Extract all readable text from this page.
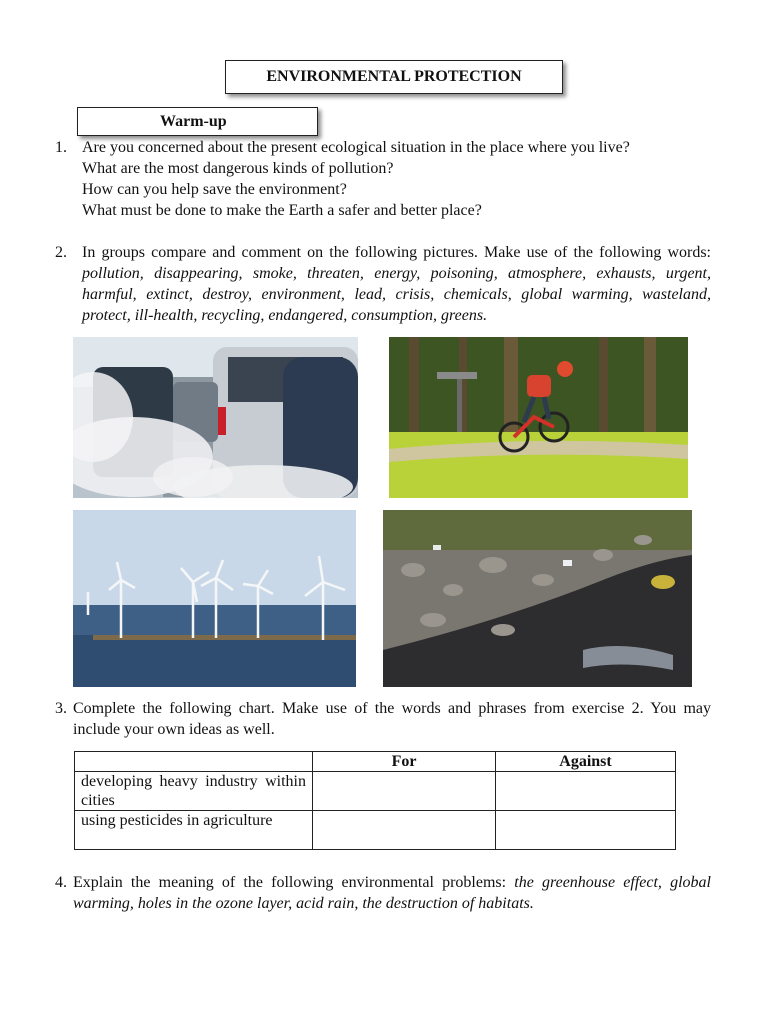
ENVIRONMENTAL PROTECTION
Warm-up
1. Are you concerned about the present ecological situation in the place where you live?
What are the most dangerous kinds of pollution?
How can you help save the environment?
What must be done to make the Earth a safer and better place?
2. In groups compare and comment on the following pictures. Make use of the following words: pollution, disappearing, smoke, threaten, energy, poisoning, atmosphere, exhausts, urgent, harmful, extinct, destroy, environment, lead, crisis, chemicals, global warming, wasteland, protect, ill-health, recycling, endangered, consumption, greens.
3. Complete the following chart. Make use of the words and phrases from exercise 2. You may include your own ideas as well.
	For	Against
developing heavy industry within cities		
using pesticides in agriculture		
4. Explain the meaning of the following environmental problems: the greenhouse effect, global warming, holes in the ozone layer, acid rain, the destruction of habitats.
